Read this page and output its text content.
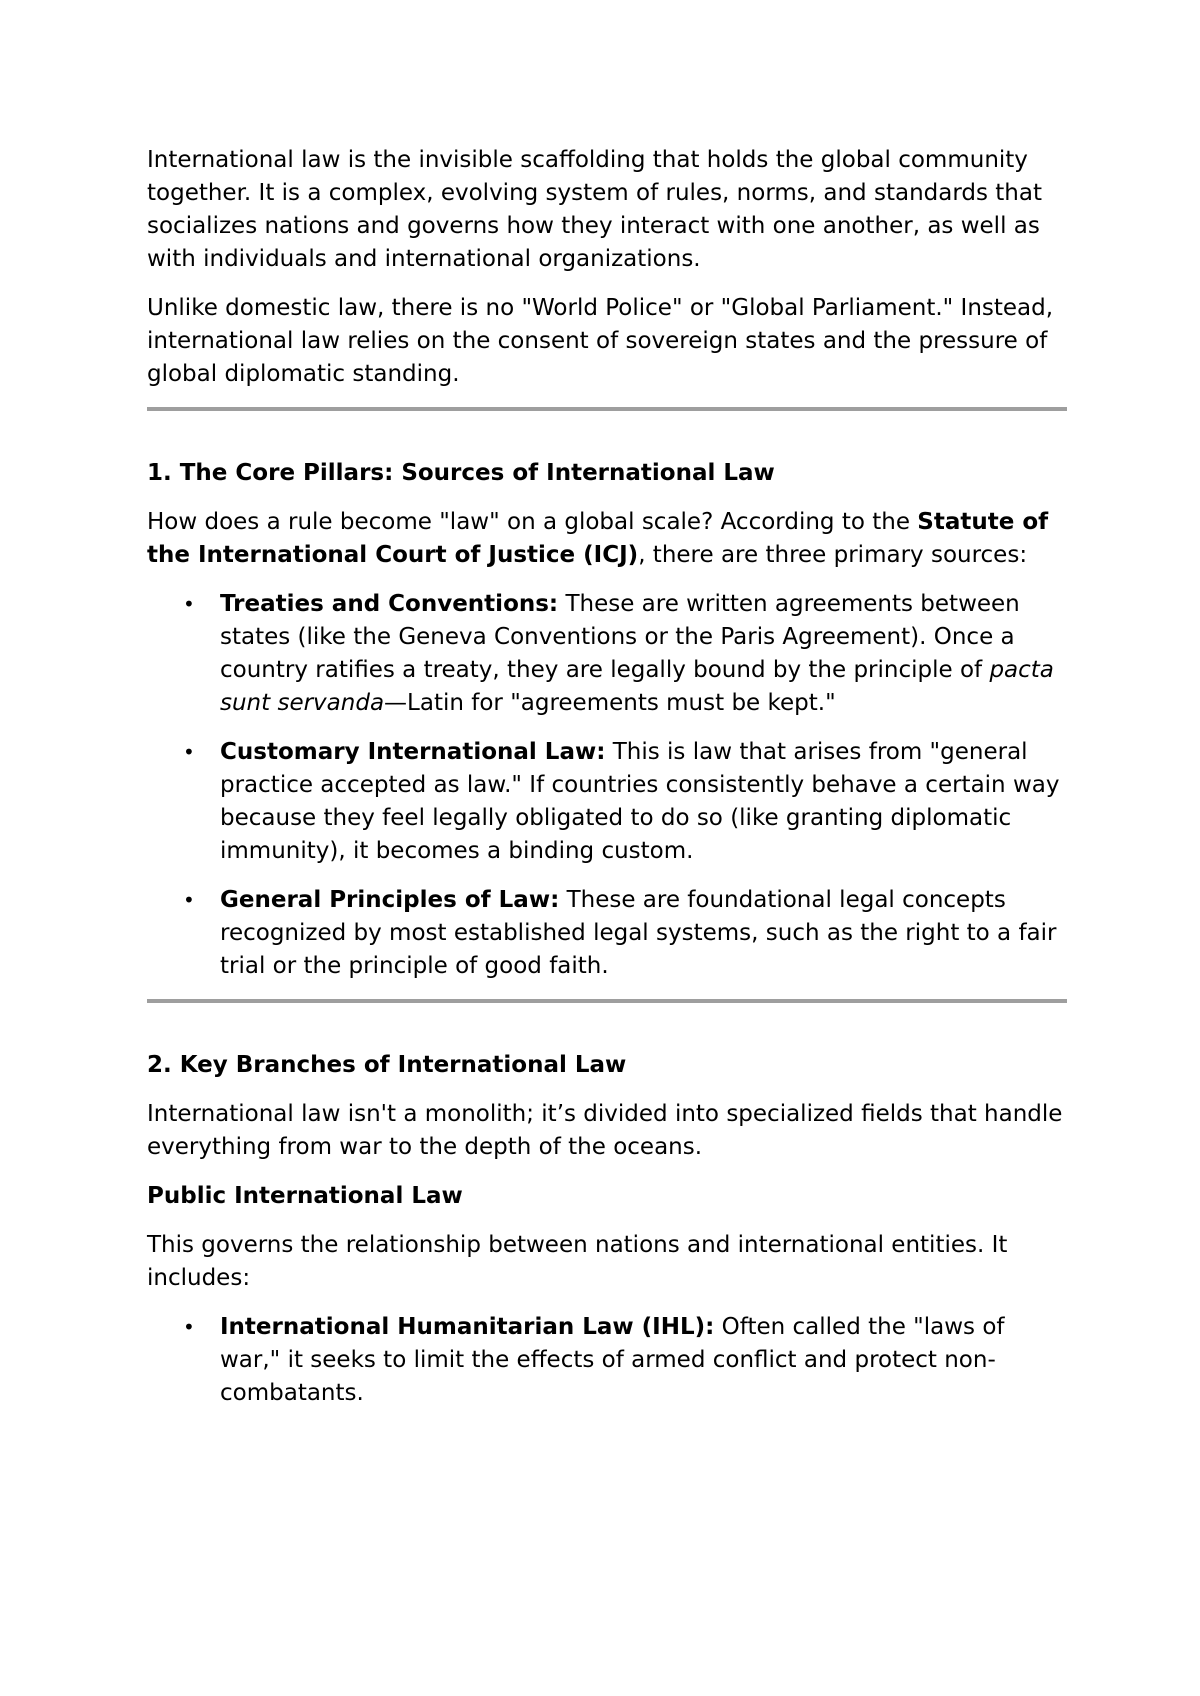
International law is the invisible scaffolding that holds the global community together. It is a complex, evolving system of rules, norms, and standards that socializes nations and governs how they interact with one another, as well as with individuals and international organizations.

Unlike domestic law, there is no "World Police" or "Global Parliament." Instead, international law relies on the consent of sovereign states and the pressure of global diplomatic standing.

1. The Core Pillars: Sources of International Law

How does a rule become "law" on a global scale? According to the Statute of the International Court of Justice (ICJ), there are three primary sources:

• Treaties and Conventions: These are written agreements between states (like the Geneva Conventions or the Paris Agreement). Once a country ratifies a treaty, they are legally bound by the principle of pacta sunt servanda—Latin for "agreements must be kept."
• Customary International Law: This is law that arises from "general practice accepted as law." If countries consistently behave a certain way because they feel legally obligated to do so (like granting diplomatic immunity), it becomes a binding custom.
• General Principles of Law: These are foundational legal concepts recognized by most established legal systems, such as the right to a fair trial or the principle of good faith.
2. Key Branches of International Law

International law isn't a monolith; it’s divided into specialized fields that handle everything from war to the depth of the oceans.

Public International Law

This governs the relationship between nations and international entities. It includes:

• International Humanitarian Law (IHL): Often called the "laws of war," it seeks to limit the effects of armed conflict and protect non-combatants.
